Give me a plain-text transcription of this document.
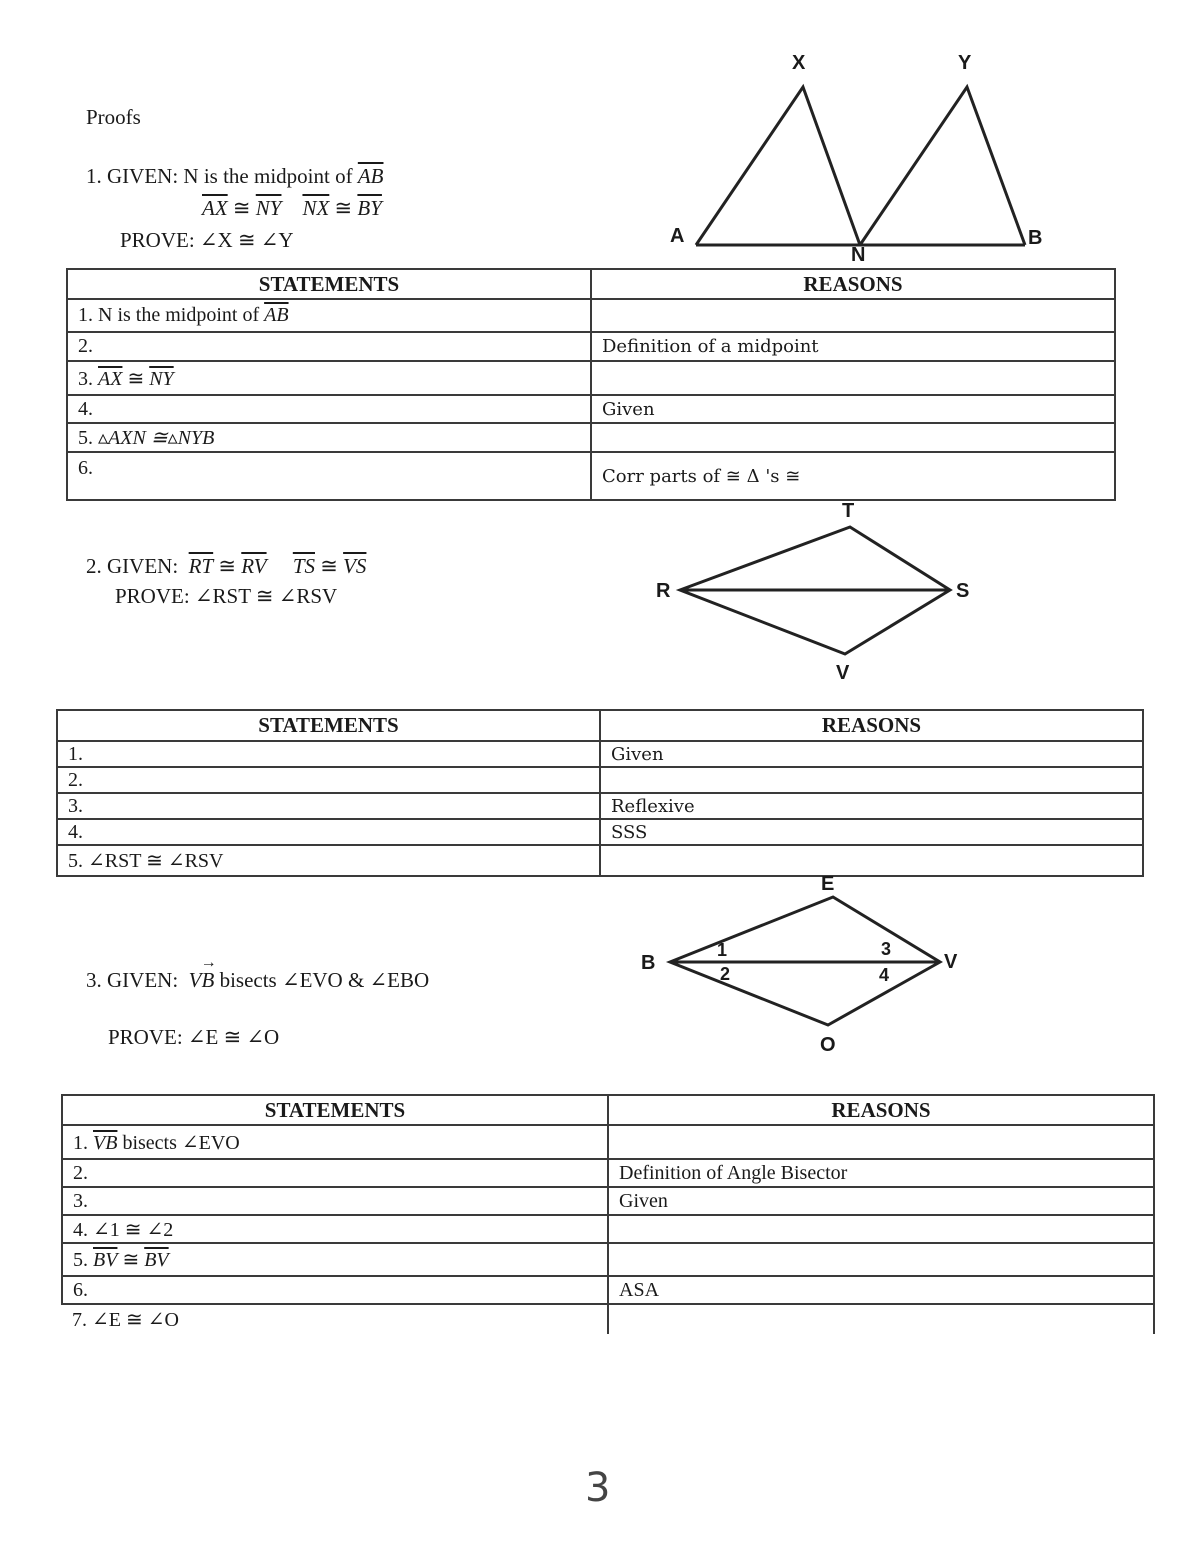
Proofs
1. GIVEN: N is the midpoint of $\overline{AB}$
$\overline{AX}$ ≅ $\overline{NY}$ $\overline{NX}$ ≅ $\overline{BY}$
PROVE: ∠X ≅ ∠Y
X	Y
A
N
B
STATEMENTS	REASONS
1. N is the midpoint of $\overline{AB}$	
2.	Definition of a midpoint
3. $\overline{AX}$ ≅ $\overline{NY}$	
4.	Given
5. ▵AXN ≅▵NYB	
6.	Corr parts of ≅ Δ 's ≅
2. GIVEN: $\overline{RT}$ ≅ $\overline{RV}$ $\overline{TS}$ ≅ $\overline{VS}$
PROVE: ∠RST ≅ ∠RSV
T
R	S
V
STATEMENTS	REASONS
1.	Given
2.	
3.	Reflexive
4.	SSS
5. ∠RST ≅ ∠RSV	
3. GIVEN: VB
→
bisects ∠EVO & ∠EBO
PROVE: ∠E ≅ ∠O
E
B	V
O
1
2
3
4
STATEMENTS	REASONS
1. $\overline{VB}$ bisects ∠EVO	
2.	Definition of Angle Bisector
3.	Given
4. ∠1 ≅ ∠2	
5. $\overline{BV}$ ≅ $\overline{BV}$	
6.	ASA
7. ∠E ≅ ∠O	
3
